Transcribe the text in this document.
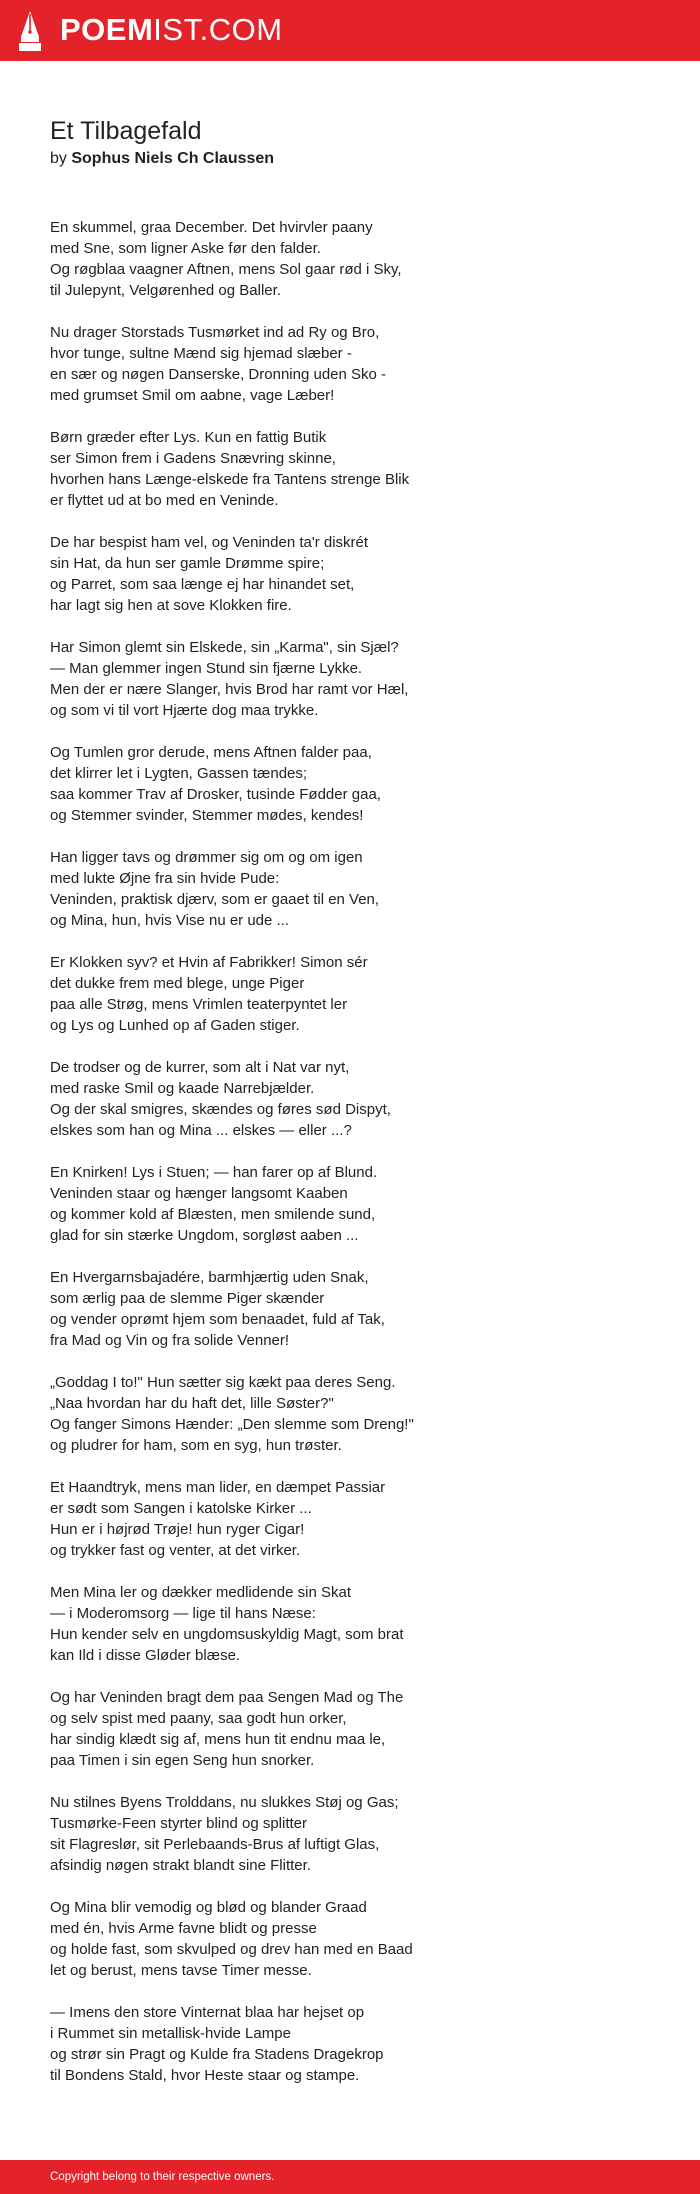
POEMIST.COM
Et Tilbagefald
by Sophus Niels Ch Claussen
En skummel, graa December. Det hvirvler paany
med Sne, som ligner Aske før den falder.
Og røgblaa vaagner Aftnen, mens Sol gaar rød i Sky,
til Julepynt, Velgørenhed og Baller.
Nu drager Storstads Tusmørket ind ad Ry og Bro,
hvor tunge, sultne Mænd sig hjemad slæber -
en sær og nøgen Danserske, Dronning uden Sko -
med grumset Smil om aabne, vage Læber!
Børn græder efter Lys. Kun en fattig Butik
ser Simon frem i Gadens Snævring skinne,
hvorhen hans Længe-elskede fra Tantens strenge Blik
er flyttet ud at bo med en Veninde.
De har bespist ham vel, og Veninden ta'r diskrét
sin Hat, da hun ser gamle Drømme spire;
og Parret, som saa længe ej har hinandet set,
har lagt sig hen at sove Klokken fire.
Har Simon glemt sin Elskede, sin „Karma", sin Sjæl?
— Man glemmer ingen Stund sin fjærne Lykke.
Men der er nære Slanger, hvis Brod har ramt vor Hæl,
og som vi til vort Hjærte dog maa trykke.
Og Tumlen gror derude, mens Aftnen falder paa,
det klirrer let i Lygten, Gassen tændes;
saa kommer Trav af Drosker, tusinde Fødder gaa,
og Stemmer svinder, Stemmer mødes, kendes!
Han ligger tavs og drømmer sig om og om igen
med lukte Øjne fra sin hvide Pude:
Veninden, praktisk djærv, som er gaaet til en Ven,
og Mina, hun, hvis Vise nu er ude ...
Er Klokken syv? et Hvin af Fabrikker! Simon sér
det dukke frem med blege, unge Piger
paa alle Strøg, mens Vrimlen teaterpyntet ler
og Lys og Lunhed op af Gaden stiger.
De trodser og de kurrer, som alt i Nat var nyt,
med raske Smil og kaade Narrebjælder.
Og der skal smigres, skændes og føres sød Dispyt,
elskes som han og Mina ... elskes — eller ...?
En Knirken! Lys i Stuen; — han farer op af Blund.
Veninden staar og hænger langsomt Kaaben
og kommer kold af Blæsten, men smilende sund,
glad for sin stærke Ungdom, sorgløst aaben ...
En Hvergarnsbajadére, barmhjærtig uden Snak,
som ærlig paa de slemme Piger skænder
og vender oprømt hjem som benaadet, fuld af Tak,
fra Mad og Vin og fra solide Venner!
„Goddag I to!" Hun sætter sig kækt paa deres Seng.
„Naa hvordan har du haft det, lille Søster?"
Og fanger Simons Hænder: „Den slemme som Dreng!"
og pludrer for ham, som en syg, hun trøster.
Et Haandtryk, mens man lider, en dæmpet Passiar
er sødt som Sangen i katolske Kirker ...
Hun er i højrød Trøje! hun ryger Cigar!
og trykker fast og venter, at det virker.
Men Mina ler og dækker medlidende sin Skat
— i Moderomsorg — lige til hans Næse:
Hun kender selv en ungdomsuskyldig Magt, som brat
kan Ild i disse Gløder blæse.
Og har Veninden bragt dem paa Sengen Mad og The
og selv spist med paany, saa godt hun orker,
har sindig klædt sig af, mens hun tit endnu maa le,
paa Timen i sin egen Seng hun snorker.
Nu stilnes Byens Trolddans, nu slukkes Støj og Gas;
Tusmørke-Feen styrter blind og splitter
sit Flagreslør, sit Perlebaands-Brus af luftigt Glas,
afsindig nøgen strakt blandt sine Flitter.
Og Mina blir vemodig og blød og blander Graad
med én, hvis Arme favne blidt og presse
og holde fast, som skvulped og drev han med en Baad
let og berust, mens tavse Timer messe.
— Imens den store Vinternat blaa har hejset op
i Rummet sin metallisk-hvide Lampe
og strør sin Pragt og Kulde fra Stadens Dragekrop
til Bondens Stald, hvor Heste staar og stampe.
Copyright belong to their respective owners.
